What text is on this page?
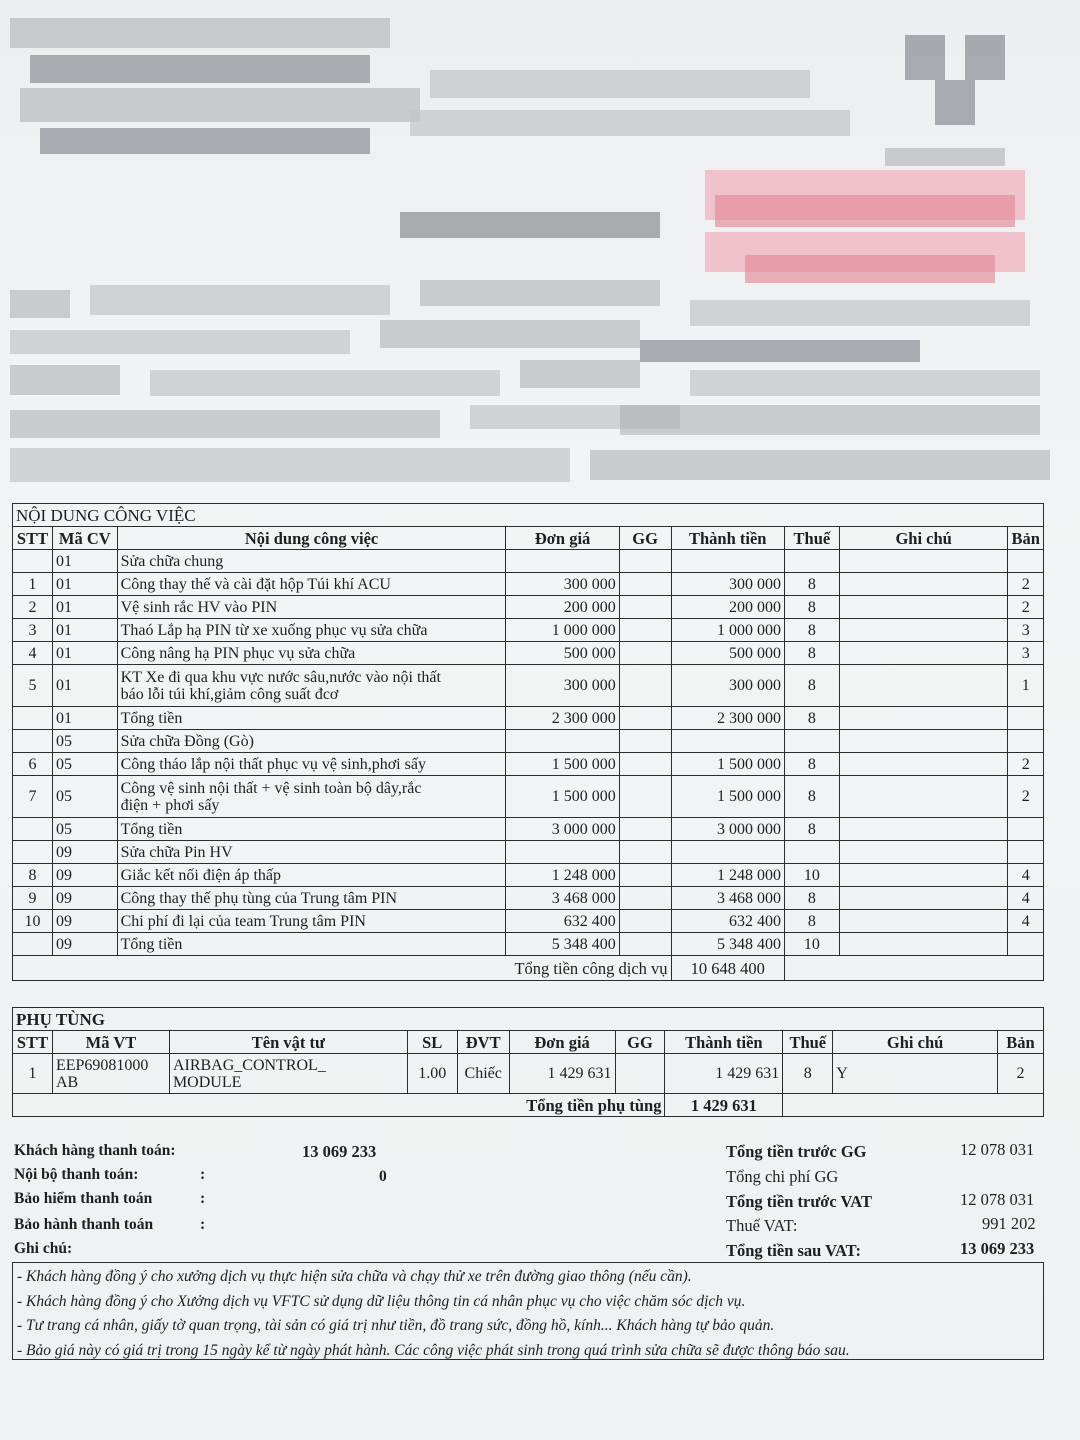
NỘI DUNG CÔNG VIỆC								
STT	Mã CV	Nội dung công việc	Đơn giá	GG	Thành tiền	Thuế	Ghi chú	Bản
	01	Sửa chữa chung						
1	01	Công thay thế và cài đặt hộp Túi khí ACU	300 000		300 000	8		2
2	01	Vệ sinh rắc HV vào PIN	200 000		200 000	8		2
3	01	Thaó Lắp hạ PIN từ xe xuống phục vụ sửa chữa	1 000 000		1 000 000	8		3
4	01	Công nâng hạ PIN phục vụ sửa chữa	500 000		500 000	8		3
5	01	KT Xe đi qua khu vực nước sâu,nước vào nội thất
báo lỗi túi khí,giảm công suất đcơ	300 000		300 000	8		1
	01	Tổng tiền	2 300 000		2 300 000	8		
	05	Sửa chữa Đồng (Gò)						
6	05	Công tháo lắp nội thất phục vụ vệ sinh,phơi sấy	1 500 000		1 500 000	8		2
7	05	Công vệ sinh nội thất + vệ sinh toàn bộ dây,rắc
điện + phơi sấy	1 500 000		1 500 000	8		2
	05	Tổng tiền	3 000 000		3 000 000	8		
	09	Sửa chữa Pin HV						
8	09	Giắc kết nối điện áp thấp	1 248 000		1 248 000	10		4
9	09	Công thay thế phụ tùng của Trung tâm PIN	3 468 000		3 468 000	8		4
10	09	Chi phí đi lại của team Trung tâm PIN	632 400		632 400	8		4
	09	Tổng tiền	5 348 400		5 348 400	10		
Tổng tiền công dịch vụ					10 648 400			
PHỤ TÙNG										
STT	Mã VT	Tên vật tư	SL	ĐVT	Đơn giá	GG	Thành tiền	Thuế	Ghi chú	Bản
1	EEP69081000
AB	AIRBAG_CONTROL_
MODULE	1.00	Chiếc	1 429 631		1 429 631	8	Y	2
Tổng tiền phụ tùng							1 429 631			
Khách hàng thanh toán:	13 069 233
Nội bộ thanh toán:	:	0
Bảo hiểm thanh toán	:
Bảo hành thanh toán	:
Ghi chú:
Tổng tiền trước GG	12 078 031
Tổng chi phí GG
Tổng tiền trước VAT	12 078 031
Thuế VAT:	991 202
Tổng tiền sau VAT:	13 069 233
- Khách hàng đồng ý cho xưởng dịch vụ thực hiện sửa chữa và chạy thử xe trên đường giao thông (nếu cần).
- Khách hàng đồng ý cho Xưởng dịch vụ VFTC sử dụng dữ liệu thông tin cá nhân phục vụ cho việc chăm sóc dịch vụ.
- Tư trang cá nhân, giấy tờ quan trọng, tài sản có giá trị như tiền, đồ trang sức, đồng hồ, kính... Khách hàng tự bảo quản.
- Bảo giá này có giá trị trong 15 ngày kể từ ngày phát hành. Các công việc phát sinh trong quá trình sửa chữa sẽ được thông báo sau.
